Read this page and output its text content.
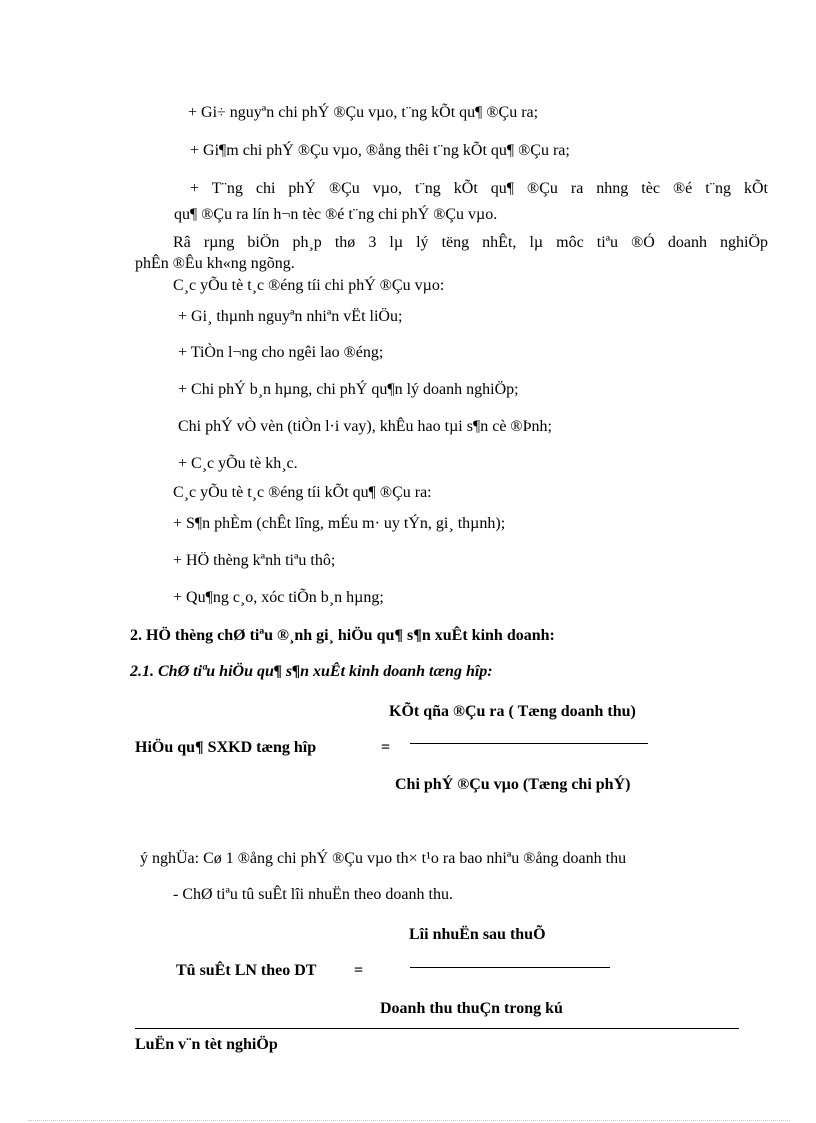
+ Gi÷ nguyªn chi phÝ ®Çu vµo, t¨ng kÕt qu¶ ®Çu ra;
+ Gi¶m chi phÝ ®Çu vµo, ®ång thêi t¨ng kÕt qu¶ ®Çu ra;
+ T¨ng chi phÝ ®Çu vµo, t¨ng kÕt qu¶ ®Çu ra nhng tèc ®é t¨ng kÕt
qu¶ ®Çu ra lín h¬n tèc ®é t¨ng chi phÝ ®Çu vµo.
Râ rµng biÖn ph¸p thø 3 lµ lý tëng nhÊt, lµ môc tiªu ®Ó doanh nghiÖp
phÊn ®Êu kh«ng ngõng.
C¸c yÕu tè t¸c ®éng tíi chi phÝ ®Çu vµo:
+ Gi¸ thµnh nguyªn nhiªn vËt liÖu;
+ TiÒn l¬ng cho ngêi lao ®éng;
+ Chi phÝ b¸n hµng, chi phÝ qu¶n lý doanh nghiÖp;
Chi phÝ vÒ vèn (tiÒn l·i vay), khÊu hao tµi s¶n cè ®Þnh;
+ C¸c yÕu tè kh¸c.
C¸c yÕu tè t¸c ®éng tíi kÕt qu¶ ®Çu ra:
+ S¶n phÈm (chÊt lîng, mÉu m· uy tÝn, gi¸ thµnh);
+ HÖ thèng kªnh tiªu thô;
+ Qu¶ng c¸o, xóc tiÕn b¸n hµng;
2. HÖ thèng chØ tiªu ®¸nh gi¸ hiÖu qu¶ s¶n xuÊt kinh doanh:
2.1. ChØ tiªu hiÖu qu¶ s¶n xuÊt kinh doanh tæng hîp:
KÕt qña ®Çu ra ( Tæng doanh thu)
HiÖu qu¶ SXKD tæng hîp	=
Chi phÝ ®Çu vµo (Tæng chi phÝ)
ý nghÜa: Cø 1 ®ång chi phÝ ®Çu vµo th× t¹o ra bao nhiªu ®ång doanh thu
- ChØ tiªu tû suÊt lîi nhuËn theo doanh thu.
Lîi nhuËn sau thuÕ
Tû suÊt LN theo DT =
Doanh thu thuÇn trong kú
LuËn v¨n tèt nghiÖp
